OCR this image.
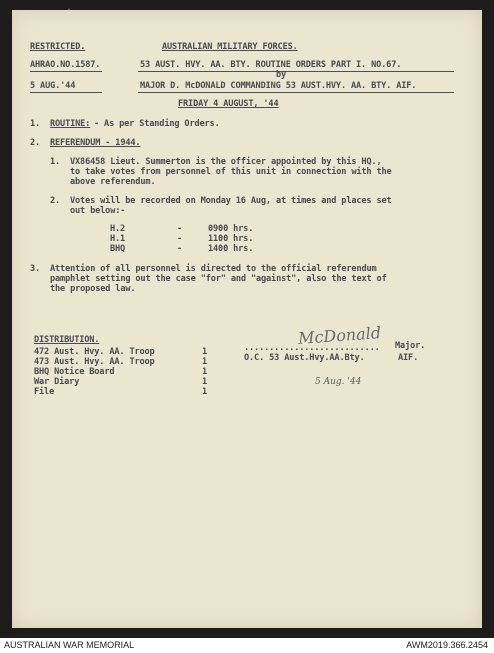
RESTRICTED.	AUSTRALIAN MILITARY FORCES.
AHRAO.NO.1587.	53 AUST. HVY. AA. BTY. ROUTINE ORDERS PART I. NO.67.
by
5 AUG.'44	MAJOR D. McDONALD COMMANDING 53 AUST.HVY. AA. BTY. AIF.
FRIDAY 4 AUGUST, '44
1. ROUTINE: - As per Standing Orders.
2. REFERENDUM - 1944.
1. VX86458 Lieut. Summerton is the officer appointed by this HQ.,
to take votes from personnel of this unit in connection with the
above referendum.
2. Votes will be recorded on Monday 16 Aug, at times and places set
out below:-
H.2	-	0900 hrs.
H.1	-	1100 hrs.
BHQ	-	1400 hrs.
3. Attention of all personnel is directed to the official referendum
pamphlet setting out the case "for" and "against", also the text of
the proposed law.
McDonald
........................... Major.
O.C. 53 Aust.Hvy.AA.Bty.	AIF.
5 Aug. '44
DISTRIBUTION.
472 Aust. Hvy. AA. Troop	1
473 Aust. Hvy. AA. Troop	1
BHQ Notice Board	1
War Diary	1
File	1
AUSTRALIAN WAR MEMORIAL	AWM2019.366.2454
